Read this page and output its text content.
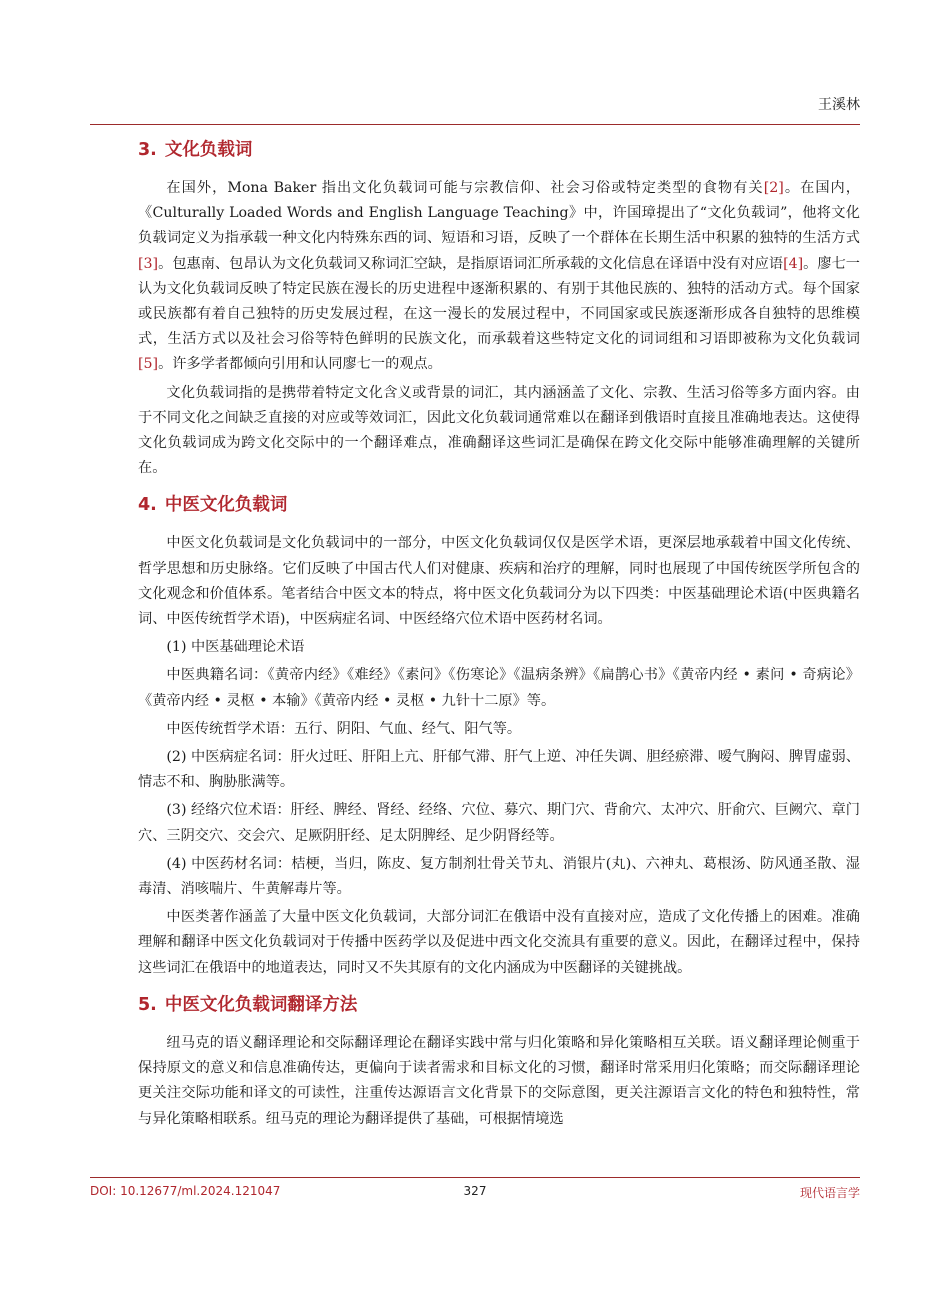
王溪林
3. 文化负载词

在国外，Mona Baker 指出文化负载词可能与宗教信仰、社会习俗或特定类型的食物有关[2]。在国内，《Culturally Loaded Words and English Language Teaching》中，许国璋提出了“文化负载词”，他将文化负载词定义为指承载一种文化内特殊东西的词、短语和习语，反映了一个群体在长期生活中积累的独特的生活方式[3]。包惠南、包昂认为文化负载词又称词汇空缺，是指原语词汇所承载的文化信息在译语中没有对应语[4]。廖七一认为文化负载词反映了特定民族在漫长的历史进程中逐渐积累的、有别于其他民族的、独特的活动方式。每个国家或民族都有着自己独特的历史发展过程，在这一漫长的发展过程中，不同国家或民族逐渐形成各自独特的思维模式，生活方式以及社会习俗等特色鲜明的民族文化，而承载着这些特定文化的词词组和习语即被称为文化负载词[5]。许多学者都倾向引用和认同廖七一的观点。

文化负载词指的是携带着特定文化含义或背景的词汇，其内涵涵盖了文化、宗教、生活习俗等多方面内容。由于不同文化之间缺乏直接的对应或等效词汇，因此文化负载词通常难以在翻译到俄语时直接且准确地表达。这使得文化负载词成为跨文化交际中的一个翻译难点，准确翻译这些词汇是确保在跨文化交际中能够准确理解的关键所在。

4. 中医文化负载词

中医文化负载词是文化负载词中的一部分，中医文化负载词仅仅是医学术语，更深层地承载着中国文化传统、哲学思想和历史脉络。它们反映了中国古代人们对健康、疾病和治疗的理解，同时也展现了中国传统医学所包含的文化观念和价值体系。笔者结合中医文本的特点，将中医文化负载词分为以下四类：中医基础理论术语(中医典籍名词、中医传统哲学术语)，中医病症名词、中医经络穴位术语中医药材名词。

(1) 中医基础理论术语

中医典籍名词：《黄帝内经》《难经》《素问》《伤寒论》《温病条辨》《扁鹊心书》《黄帝内经 • 素问 • 奇病论》《黄帝内经 • 灵枢 • 本输》《黄帝内经 • 灵枢 • 九针十二原》等。

中医传统哲学术语：五行、阴阳、气血、经气、阳气等。

(2) 中医病症名词：肝火过旺、肝阳上亢、肝郁气滞、肝气上逆、冲任失调、胆经瘀滞、嗳气胸闷、脾胃虚弱、情志不和、胸胁胀满等。

(3) 经络穴位术语：肝经、脾经、肾经、经络、穴位、募穴、期门穴、背俞穴、太冲穴、肝俞穴、巨阙穴、章门穴、三阴交穴、交会穴、足厥阴肝经、足太阴脾经、足少阴肾经等。

(4) 中医药材名词：桔梗，当归，陈皮、复方制剂壮骨关节丸、消银片(丸)、六神丸、葛根汤、防风通圣散、湿毒清、消咳喘片、牛黄解毒片等。

中医类著作涵盖了大量中医文化负载词，大部分词汇在俄语中没有直接对应，造成了文化传播上的困难。准确理解和翻译中医文化负载词对于传播中医药学以及促进中西文化交流具有重要的意义。因此，在翻译过程中，保持这些词汇在俄语中的地道表达，同时又不失其原有的文化内涵成为中医翻译的关键挑战。

5. 中医文化负载词翻译方法

纽马克的语义翻译理论和交际翻译理论在翻译实践中常与归化策略和异化策略相互关联。语义翻译理论侧重于保持原文的意义和信息准确传达，更偏向于读者需求和目标文化的习惯，翻译时常采用归化策略；而交际翻译理论更关注交际功能和译文的可读性，注重传达源语言文化背景下的交际意图，更关注源语言文化的特色和独特性，常与异化策略相联系。纽马克的理论为翻译提供了基础，可根据情境选

DOI: 10.12677/ml.2024.121047	327	现代语言学
